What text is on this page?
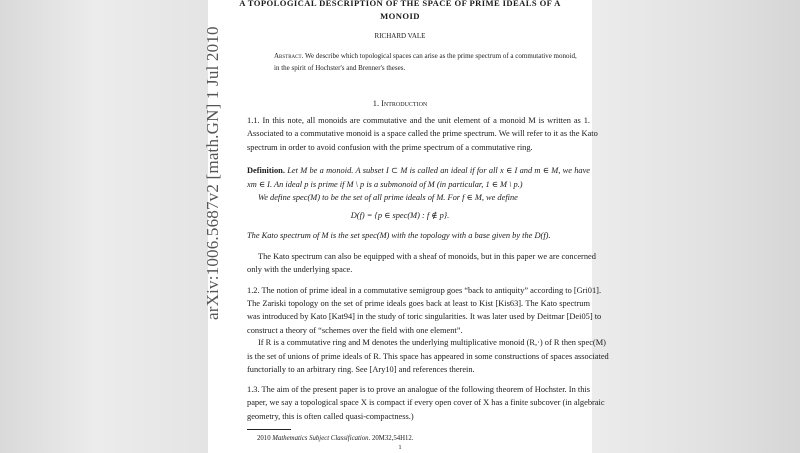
arXiv:1006.5687v2 [math.GN] 1 Jul 2010
A TOPOLOGICAL DESCRIPTION OF THE SPACE OF PRIME IDEALS OF A
MONOID
RICHARD VALE
Abstract. We describe which topological spaces can arise as the prime spectrum of a commutative monoid,
in the spirit of Hochster's and Brenner's theses.
1. Introduction
1.1. In this note, all monoids are commutative and the unit element of a monoid M is written as 1.
Associated to a commutative monoid is a space called the prime spectrum. We will refer to it as the Kato
spectrum in order to avoid confusion with the prime spectrum of a commutative ring.
Definition. Let M be a monoid. A subset I ⊂ M is called an ideal if for all x ∈ I and m ∈ M, we have
xm ∈ I. An ideal p is prime if M \ p is a submonoid of M (in particular, 1 ∈ M \ p.)
We define spec(M) to be the set of all prime ideals of M. For f ∈ M, we define
D(f) = {p ∈ spec(M) : f ∉ p}.
The Kato spectrum of M is the set spec(M) with the topology with a base given by the D(f).
The Kato spectrum can also be equipped with a sheaf of monoids, but in this paper we are concerned
only with the underlying space.
1.2. The notion of prime ideal in a commutative semigroup goes “back to antiquity” according to [Gri01].
The Zariski topology on the set of prime ideals goes back at least to Kist [Kis63]. The Kato spectrum
was introduced by Kato [Kat94] in the study of toric singularities. It was later used by Deitmar [Dei05] to
construct a theory of “schemes over the field with one element”.
If R is a commutative ring and M denotes the underlying multiplicative monoid (R,·) of R then spec(M)
is the set of unions of prime ideals of R. This space has appeared in some constructions of spaces associated
functorially to an arbitrary ring. See [Ary10] and references therein.
1.3. The aim of the present paper is to prove an analogue of the following theorem of Hochster. In this
paper, we say a topological space X is compact if every open cover of X has a finite subcover (in algebraic
geometry, this is often called quasi-compactness.)
2010 Mathematics Subject Classification. 20M32,54H12.
1
